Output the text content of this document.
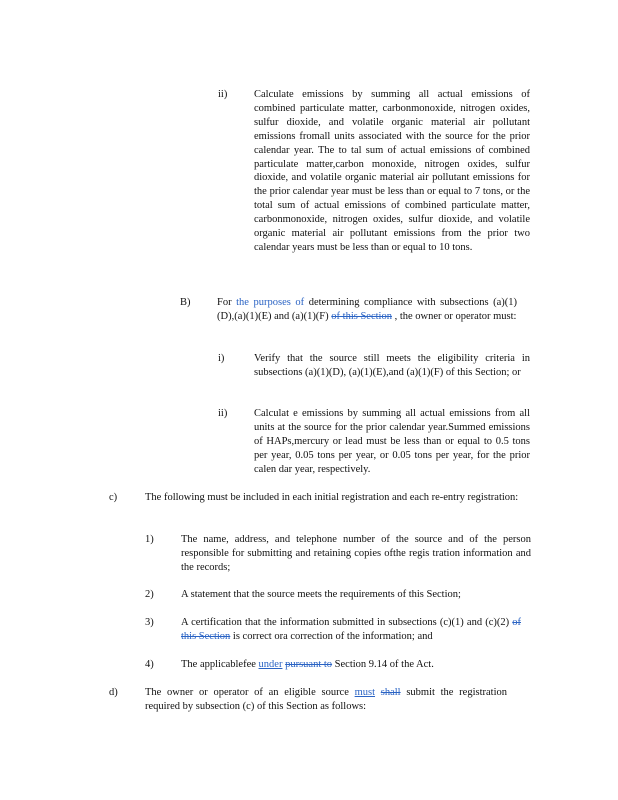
ii)	Calculate emissions by summing all actual emissions of combined particulate matter, carbonmonoxide, nitrogen oxides, sulfur dioxide, and volatile organic material air pollutant emissions fromall units associated with the source for the prior calendar year. The to tal sum of actual emissions of combined particulate matter,carbon monoxide, nitrogen oxides, sulfur dioxide, and volatile organic material air pollutant emissions for the prior calendar year must be less than or equal to 7 tons, or the total sum of actual emissions of combined particulate matter, carbonmonoxide, nitrogen oxides, sulfur dioxide, and volatile organic material air pollutant emissions from the prior two calendar years must be less than or equal to 10 tons.

B)	For the purposes of determining compliance with subsections (a)(1)(D),(a)(1)(E) and (a)(1)(F) of this Section , the owner or operator must:

i)	Verify that the source still meets the eligibility criteria in subsections (a)(1)(D), (a)(1)(E),and (a)(1)(F) of this Section; or

ii)	Calculat e emissions by summing all actual emissions from all units at the source for the prior calendar year.Summed emissions of HAPs,mercury or lead must be less than or equal to 0.5 tons per year, 0.05 tons per year, or 0.05 tons per year, for the prior calen dar year, respectively.

c)	The following must be included in each initial registration and each re-entry registration:

1)	The name, address, and telephone number of the source and of the person responsible for submitting and retaining copies ofthe regis tration information and the records;

2)	A statement that the source meets the requirements of this Section;

3)	A certification that the information submitted in subsections (c)(1) and (c)(2) of this Section is correct ora correction of the information; and

4)	The applicablefee under pursuant to Section 9.14 of the Act.

d)	The owner or operator of an eligible source must shall submit the registration required by subsection (c) of this Section as follows:
